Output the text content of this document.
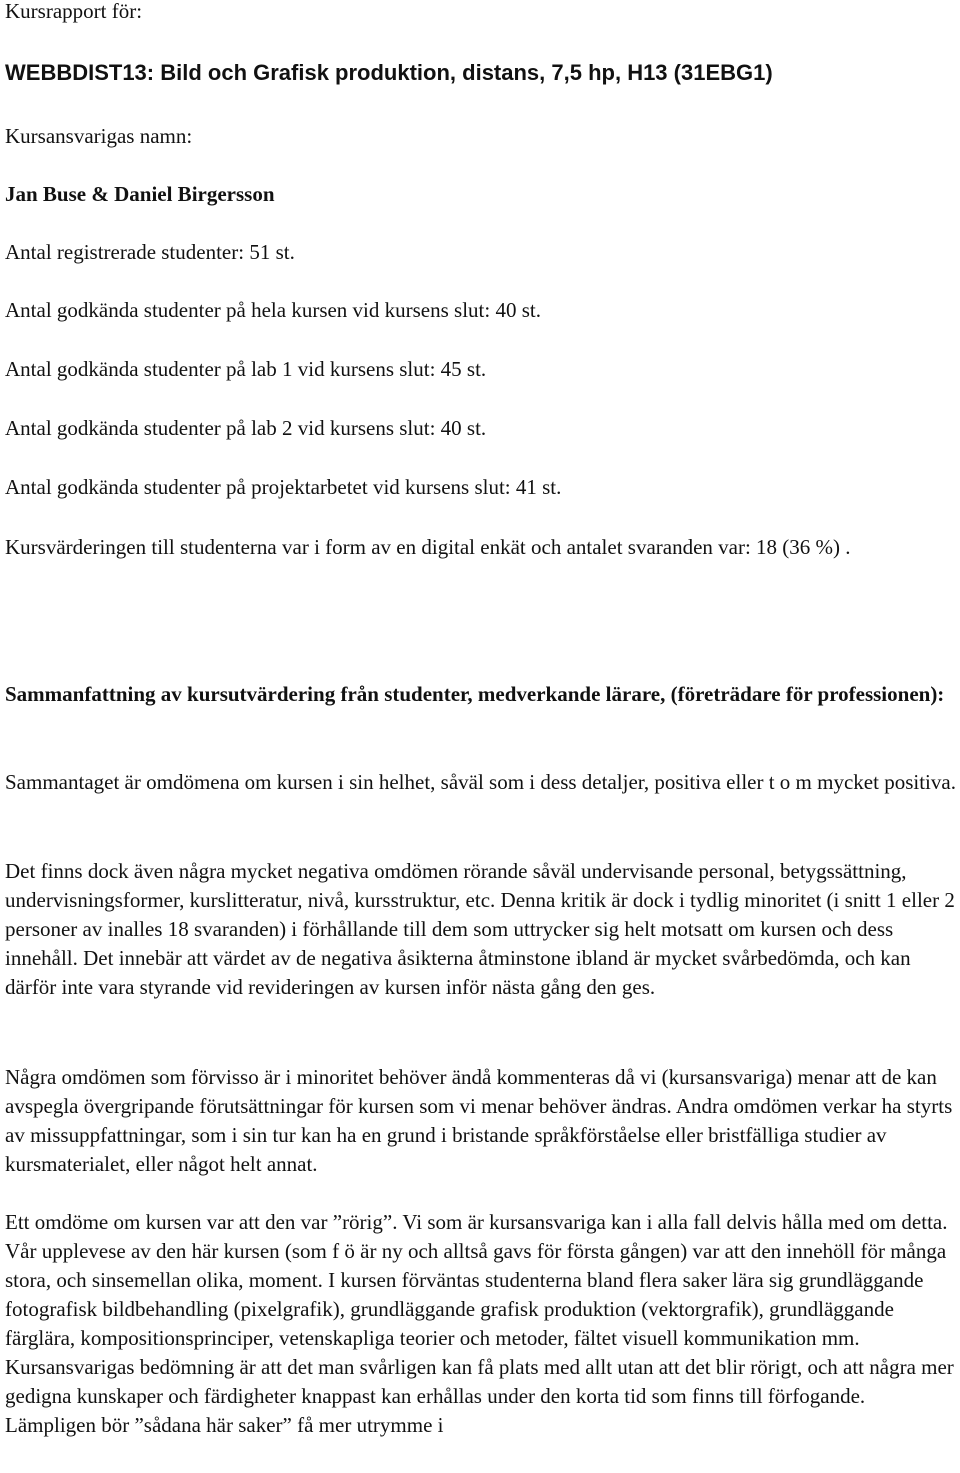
Kursrapport för:

WEBBDIST13: Bild och Grafisk produktion, distans, 7,5 hp, H13 (31EBG1)

Kursansvarigas namn:

Jan Buse & Daniel Birgersson

Antal registrerade studenter: 51 st.

Antal godkända studenter på hela kursen vid kursens slut: 40 st.

Antal godkända studenter på lab 1 vid kursens slut: 45 st.

Antal godkända studenter på lab 2 vid kursens slut: 40 st.

Antal godkända studenter på projektarbetet vid kursens slut: 41 st.

Kursvärderingen till studenterna var i form av en digital enkät och antalet svaranden var: 18 (36 %) .

Sammanfattning av kursutvärdering från studenter, medverkande lärare, (företrädare för professionen):

Sammantaget är omdömena om kursen i sin helhet, såväl som i dess detaljer, positiva eller t o m mycket positiva.

Det finns dock även några mycket negativa omdömen rörande såväl undervisande personal, betygssättning, undervisningsformer, kurslitteratur, nivå, kursstruktur, etc. Denna kritik är dock i tydlig minoritet (i snitt 1 eller 2 personer av inalles 18 svaranden) i förhållande till dem som uttrycker sig helt motsatt om kursen och dess innehåll. Det innebär att värdet av de negativa åsikterna åtminstone ibland är mycket svårbedömda, och kan därför inte vara styrande vid revideringen av kursen inför nästa gång den ges.

Några omdömen som förvisso är i minoritet behöver ändå kommenteras då vi (kursansvariga) menar att de kan avspegla övergripande förutsättningar för kursen som vi menar behöver ändras. Andra omdömen verkar ha styrts av missuppfattningar, som i sin tur kan ha en grund i bristande språkförståelse eller bristfälliga studier av kursmaterialet, eller något helt annat.

Ett omdöme om kursen var att den var ”rörig”. Vi som är kursansvariga kan i alla fall delvis hålla med om detta. Vår upplevese av den här kursen (som f ö är ny och alltså gavs för första gången) var att den innehöll för många stora, och sinsemellan olika, moment. I kursen förväntas studenterna bland flera saker lära sig grundläggande fotografisk bildbehandling (pixelgrafik), grundläggande grafisk produktion (vektorgrafik), grundläggande färglära, kompositionsprinciper, vetenskapliga teorier och metoder, fältet visuell kommunikation mm. Kursansvarigas bedömning är att det man svårligen kan få plats med allt utan att det blir rörigt, och att några mer gedigna kunskaper och färdigheter knappast kan erhållas under den korta tid som finns till förfogande. Lämpligen bör ”sådana här saker” få mer utrymme i
